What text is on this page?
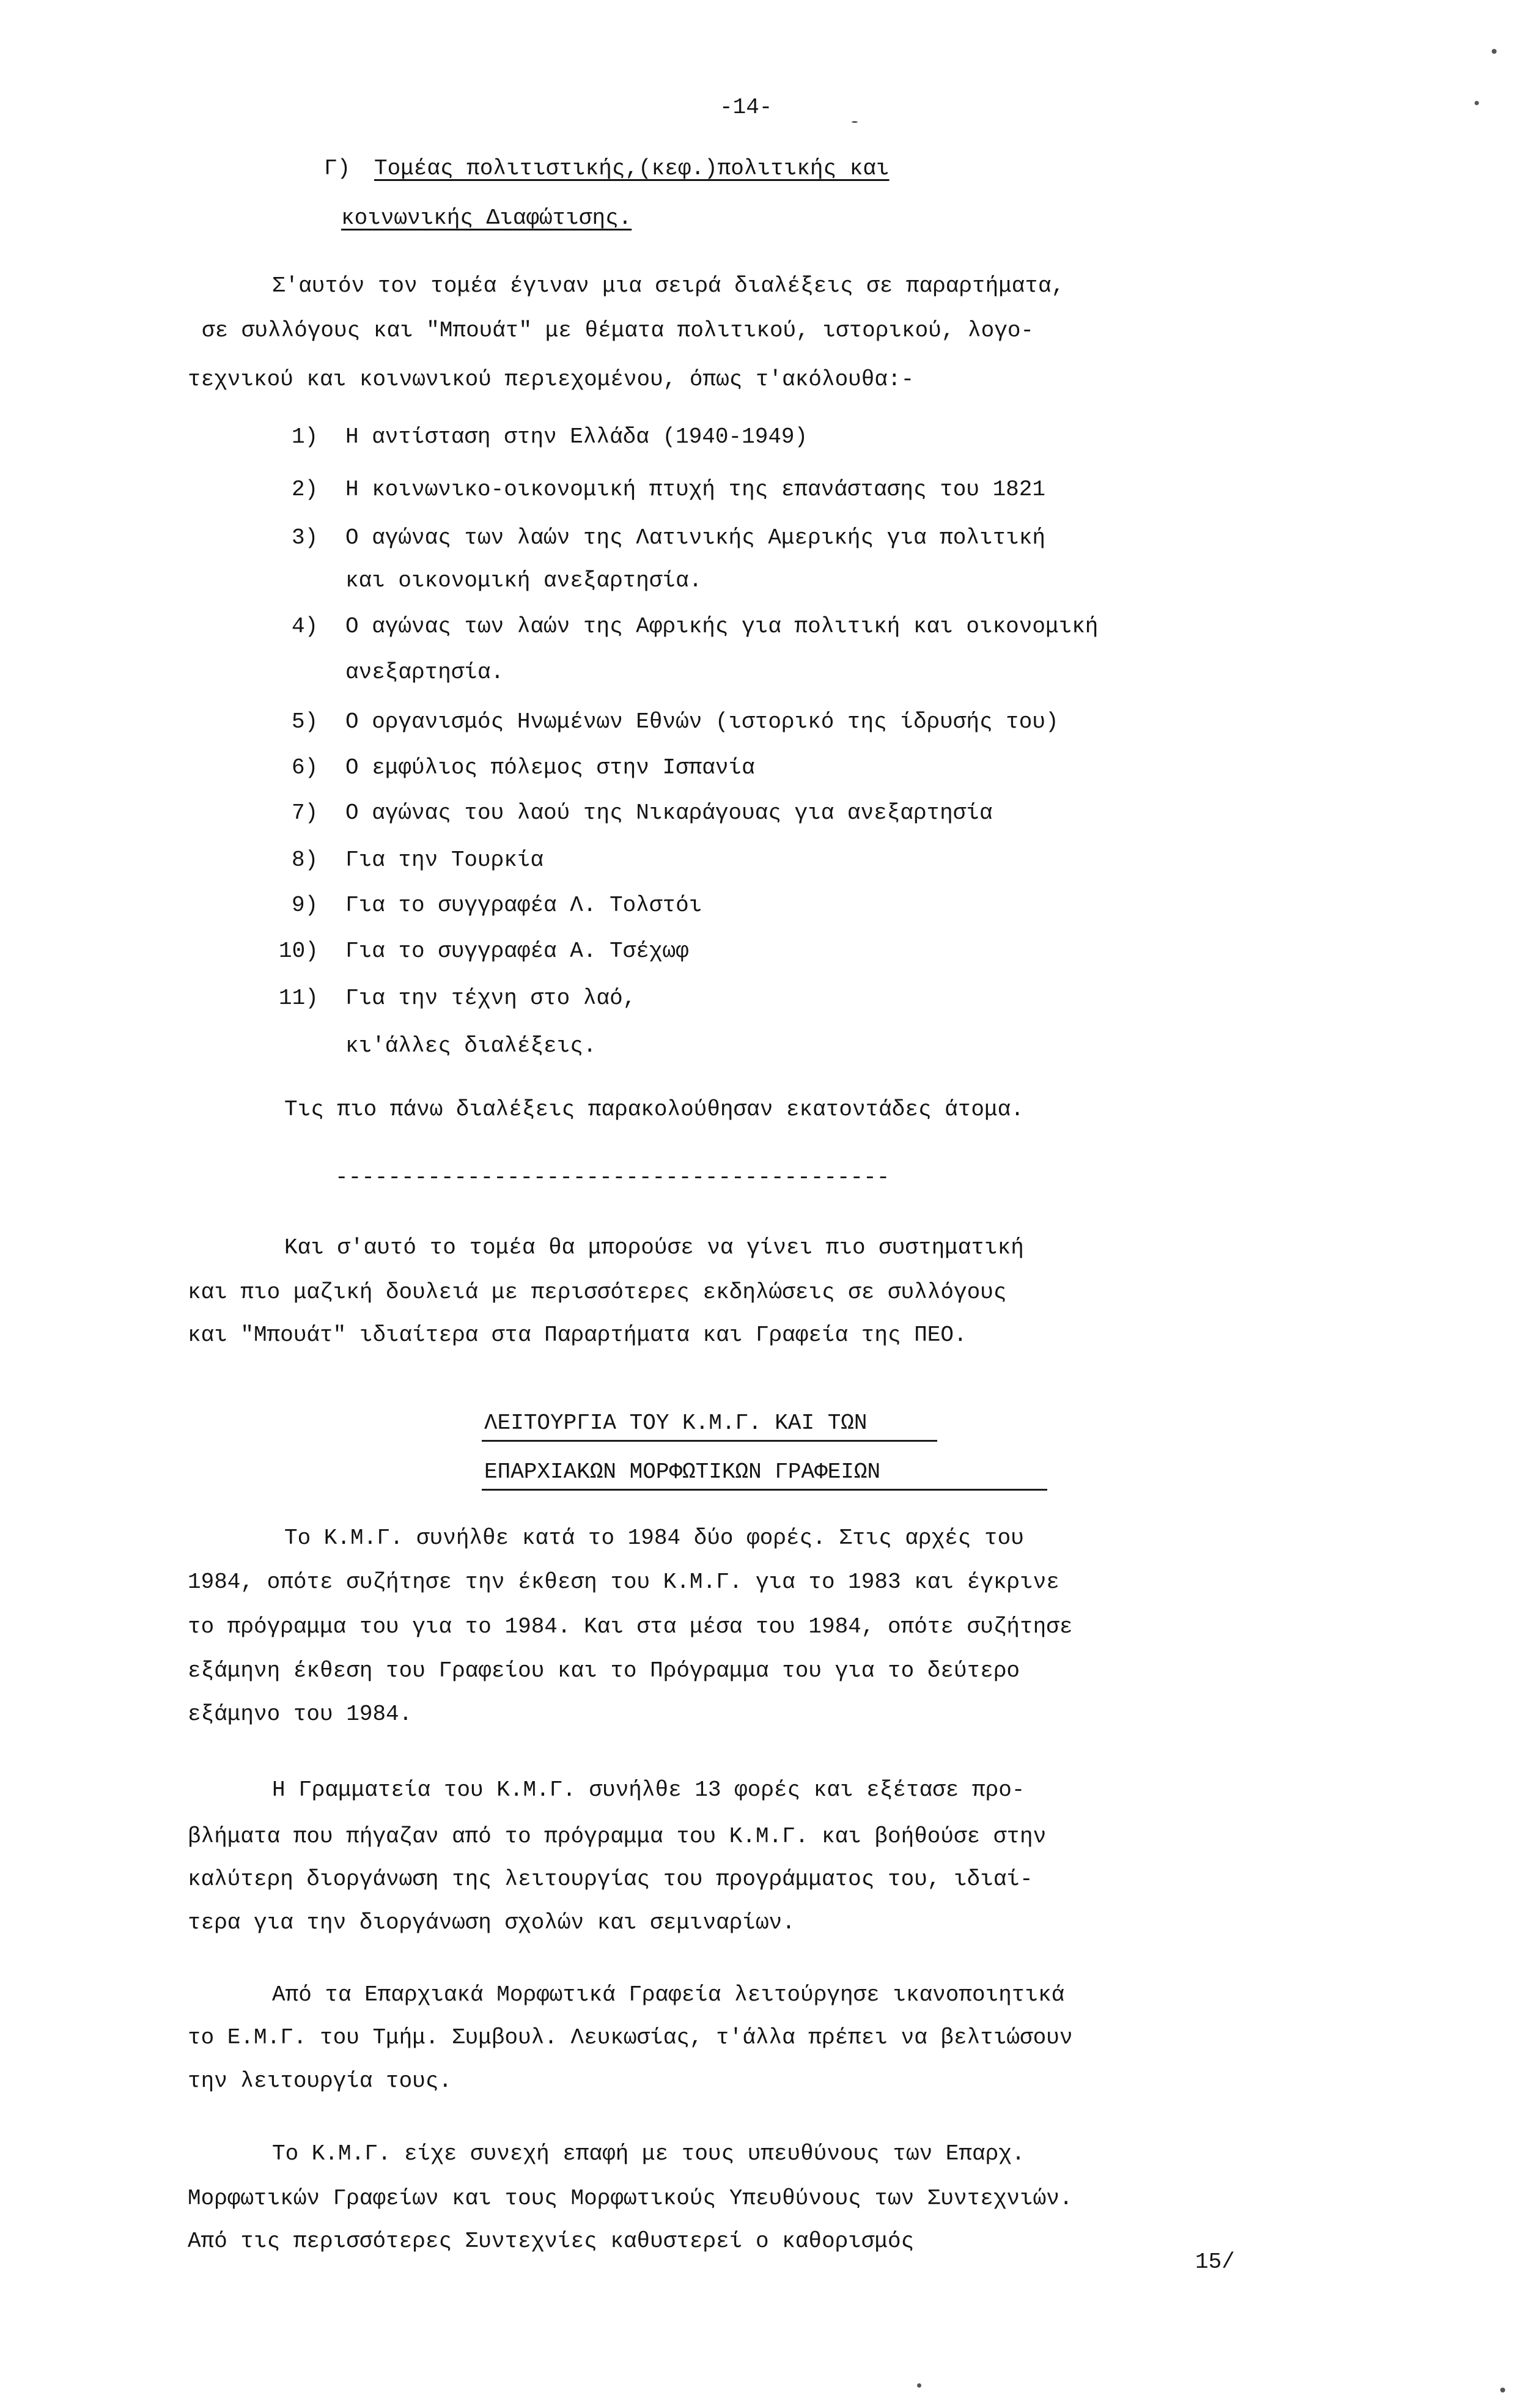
-14-
Γ) Τομέας πολιτιστικής,(κεφ.)πολιτικής και
κοινωνικής Διαφώτισης.
Σ'αυτόν τον τομέα έγιναν μια σειρά διαλέξεις σε παραρτήματα,
σε συλλόγους και "Μπουάτ" με θέματα πολιτικού, ιστορικού, λογο-
τεχνικού και κοινωνικού περιεχομένου, όπως τ'ακόλουθα:-
1) Η αντίσταση στην Ελλάδα (1940-1949)
2) Η κοινωνικο-οικονομική πτυχή της επανάστασης του 1821
3) Ο αγώνας των λαών της Λατινικής Αμερικής για πολιτική
και οικονομική ανεξαρτησία.
4) Ο αγώνας των λαών της Αφρικής για πολιτική και οικονομική
ανεξαρτησία.
5) Ο οργανισμός Ηνωμένων Εθνών (ιστορικό της ίδρυσής του)
6) Ο εμφύλιος πόλεμος στην Ισπανία
7) Ο αγώνας του λαού της Νικαράγουας για ανεξαρτησία
8) Για την Τουρκία
9) Για το συγγραφέα Λ. Τολστόι
10) Για το συγγραφέα Α. Τσέχωφ
11) Για την τέχνη στο λαό,
κι'άλλες διαλέξεις.
Τις πιο πάνω διαλέξεις παρακολούθησαν εκατοντάδες άτομα.
------------------------------------------
Και σ'αυτό το τομέα θα μπορούσε να γίνει πιο συστηματική
και πιο μαζική δουλειά με περισσότερες εκδηλώσεις σε συλλόγους
και "Μπουάτ" ιδιαίτερα στα Παραρτήματα και Γραφεία της ΠΕΟ.
ΛΕΙΤΟΥΡΓΙΑ ΤΟΥ Κ.Μ.Γ. ΚΑΙ ΤΩΝ
ΕΠΑΡΧΙΑΚΩΝ ΜΟΡΦΩΤΙΚΩΝ ΓΡΑΦΕΙΩΝ
Το Κ.Μ.Γ. συνήλθε κατά το 1984 δύο φορές. Στις αρχές του
1984, οπότε συζήτησε την έκθεση του Κ.Μ.Γ. για το 1983 και έγκρινε
το πρόγραμμα του για το 1984. Και στα μέσα του 1984, οπότε συζήτησε
εξάμηνη έκθεση του Γραφείου και το Πρόγραμμα του για το δεύτερο
εξάμηνο του 1984.
Η Γραμματεία του Κ.Μ.Γ. συνήλθε 13 φορές και εξέτασε προ-
βλήματα που πήγαζαν από το πρόγραμμα του Κ.Μ.Γ. και βοήθούσε στην
καλύτερη διοργάνωση της λειτουργίας του προγράμματος του, ιδιαί-
τερα για την διοργάνωση σχολών και σεμιναρίων.
Από τα Επαρχιακά Μορφωτικά Γραφεία λειτούργησε ικανοποιητικά
το Ε.Μ.Γ. του Τμήμ. Συμβουλ. Λευκωσίας, τ'άλλα πρέπει να βελτιώσουν
την λειτουργία τους.
Το Κ.Μ.Γ. είχε συνεχή επαφή με τους υπευθύνους των Επαρχ.
Μορφωτικών Γραφείων και τους Μορφωτικούς Υπευθύνους των Συντεχνιών.
Από τις περισσότερες Συντεχνίες καθυστερεί ο καθορισμός
15/
